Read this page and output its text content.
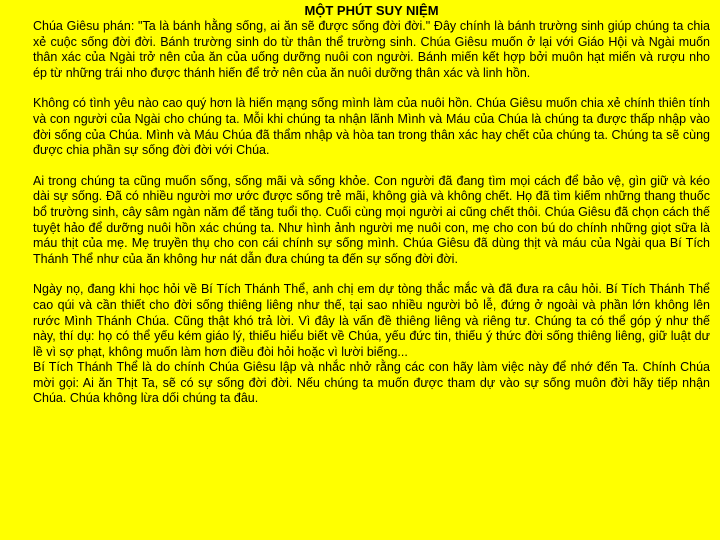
MỘT PHÚT SUY NIỆM

Chúa Giêsu phán: "Ta là bánh hằng sống, ai ăn sẽ được sống đời đời." Đây chính là bánh trường sinh giúp chúng ta chia xẻ cuộc sống đời đời. Bánh trường sinh do từ thân thể trường sinh. Chúa Giêsu muốn ở lại với Giáo Hội và Ngài muốn thân xác của Ngài trở nên của ăn của uống dưỡng nuôi con người. Bánh miến kết hợp bởi muôn hạt miến và rượu nho ép từ những trái nho được thánh hiến để trở nên của ăn nuôi dưỡng thân xác và linh hồn.

Không có tình yêu nào cao quý hơn là hiến mạng sống mình làm của nuôi hồn. Chúa Giêsu muốn chia xẻ chính thiên tính và con người của Ngài cho chúng ta. Mỗi khi chúng ta nhận lãnh Mình và Máu của Chúa là chúng ta được thấp nhập vào đời sống của Chúa. Mình và Máu Chúa đã thẩm nhập và hòa tan trong thân xác hay chết của chúng ta. Chúng ta sẽ cùng được chia phần sự sống đời đời với Chúa.

Ai trong chúng ta cũng muốn sống, sống mãi và sống khỏe. Con người đã đang tìm mọi cách để bảo vệ, gìn giữ và kéo dài sự sống. Đã có nhiều người mơ ước được sống trẻ mãi, không già và không chết. Họ đã tìm kiếm những thang thuốc bổ trường sinh, cây sâm ngàn năm để tăng tuổi thọ. Cuối cùng mọi người ai cũng chết thôi. Chúa Giêsu đã chọn cách thế tuyệt hảo để dưỡng nuôi hồn xác chúng ta. Như hình ảnh người mẹ nuôi con, mẹ cho con bú do chính những giọt sữa là máu thịt của mẹ. Mẹ truyền thụ cho con cái chính sự sống mình. Chúa Giêsu đã dùng thịt và máu của Ngài qua Bí Tích Thánh Thể như của ăn không hư nát dẫn đưa chúng ta đến sự sống đời đời.

Ngày nọ, đang khi học hỏi về Bí Tích Thánh Thể, anh chị em dự tòng thắc mắc và đã đưa ra câu hỏi. Bí Tích Thánh Thể cao qúi và cần thiết cho đời sống thiêng liêng như thế, tại sao nhiều người bỏ lễ, đứng ở ngoài và phần lớn không lên rước Mình Thánh Chúa. Cũng thật khó trả lời. Vì đây là vấn đề thiêng liêng và riêng tư. Chúng ta có thể góp ý như thế này, thí dụ: họ có thể yếu kém giáo lý, thiếu hiểu biết về Chúa, yếu đức tin, thiếu ý thức đời sống thiêng liêng, giữ luật dư lề vì sợ phạt, không muốn làm hơn điều đòi hỏi hoặc vì lười biếng...

Bí Tích Thánh Thể là do chính Chúa Giêsu lập và nhắc nhở rằng các con hãy làm việc này để nhớ đến Ta. Chính Chúa mời gọi: Ai ăn Thịt Ta, sẽ có sự sống đời đời. Nếu chúng ta muốn được tham dự vào sự sống muôn đời hãy tiếp nhận Chúa. Chúa không lừa dối chúng ta đâu.
